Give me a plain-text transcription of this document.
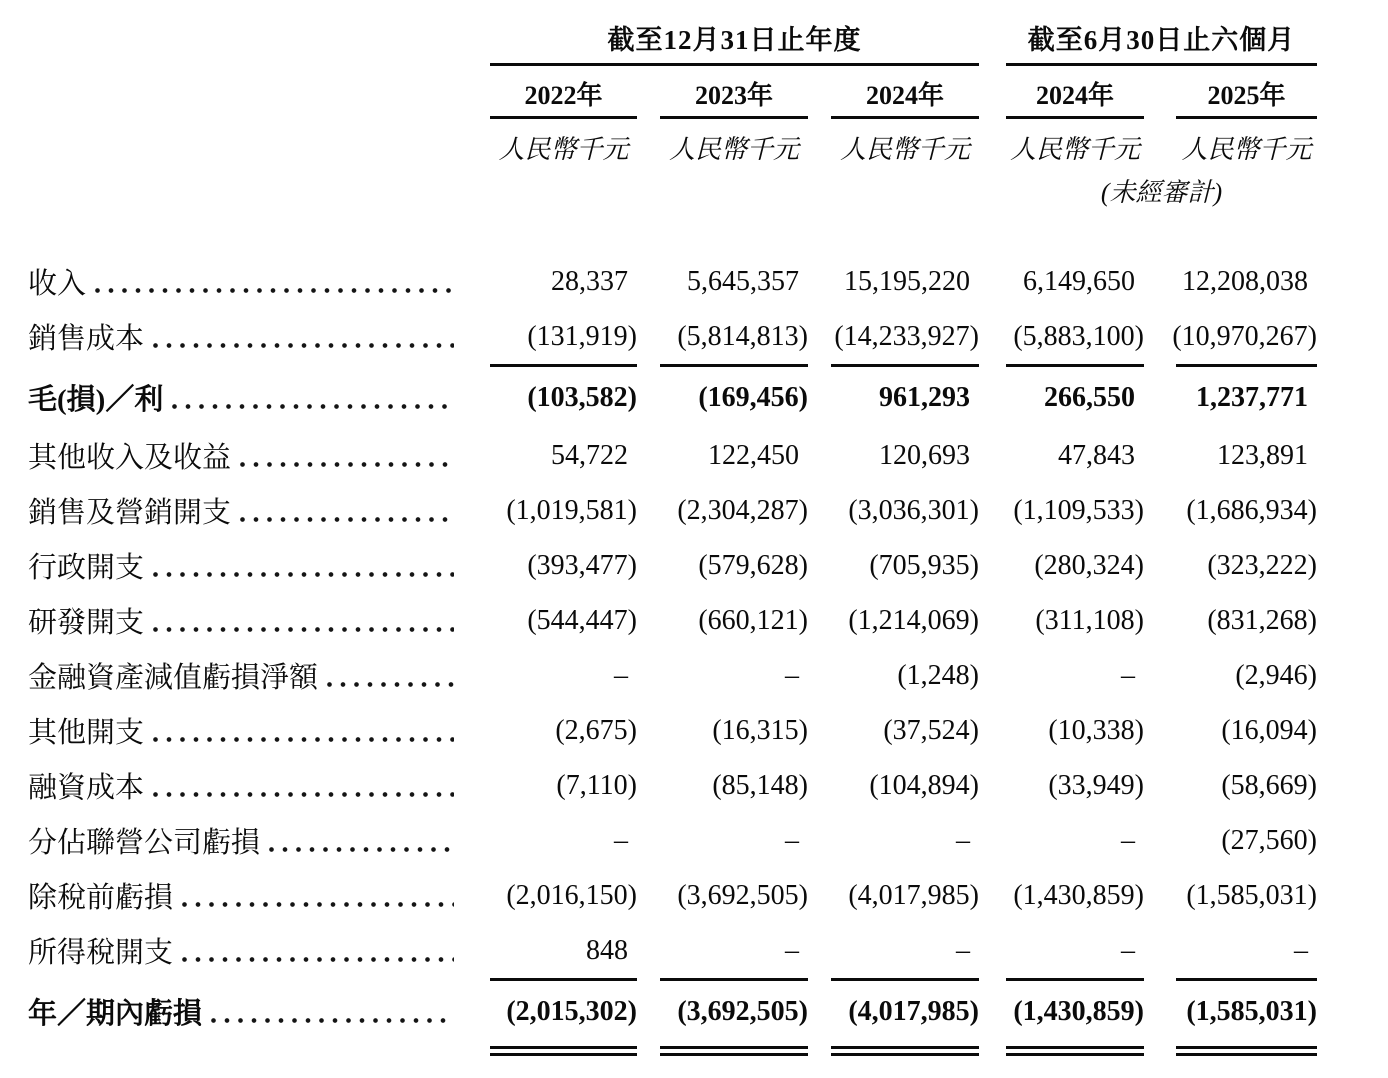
截至12月31日止年度	截至6月30日止六個月
2022年	2023年	2024年	2024年	2025年
人民幣千元	人民幣千元	人民幣千元	人民幣千元 人民幣千元
(未經審計)
收入	28,337	5,645,357	15,195,220	6,149,650	12,208,038
銷售成本	(131,919)	(5,814,813) (14,233,927) (5,883,100) (10,970,267)
毛(損)／利	(103,582)	(169,456)	961,293	266,550	1,237,771
其他收入及收益	54,722	122,450	120,693	47,843	123,891
銷售及營銷開支	(1,019,581)	(2,304,287)	(3,036,301) (1,109,533)	(1,686,934)
行政開支	(393,477)	(579,628)	(705,935)	(280,324)	(323,222)
研發開支	(544,447)	(660,121)	(1,214,069)	(311,108)	(831,268)
金融資產減值虧損淨額	–	–	(1,248)	–	(2,946)
其他開支	(2,675)	(16,315)	(37,524)	(10,338)	(16,094)
融資成本	(7,110)	(85,148)	(104,894)	(33,949)	(58,669)
分佔聯營公司虧損	–	–	–	–	(27,560)
除稅前虧損	(2,016,150)	(3,692,505)	(4,017,985) (1,430,859)	(1,585,031)
所得稅開支	848	–	–	–	–
年／期內虧損	(2,015,302)	(3,692,505)	(4,017,985) (1,430,859)	(1,585,031)
